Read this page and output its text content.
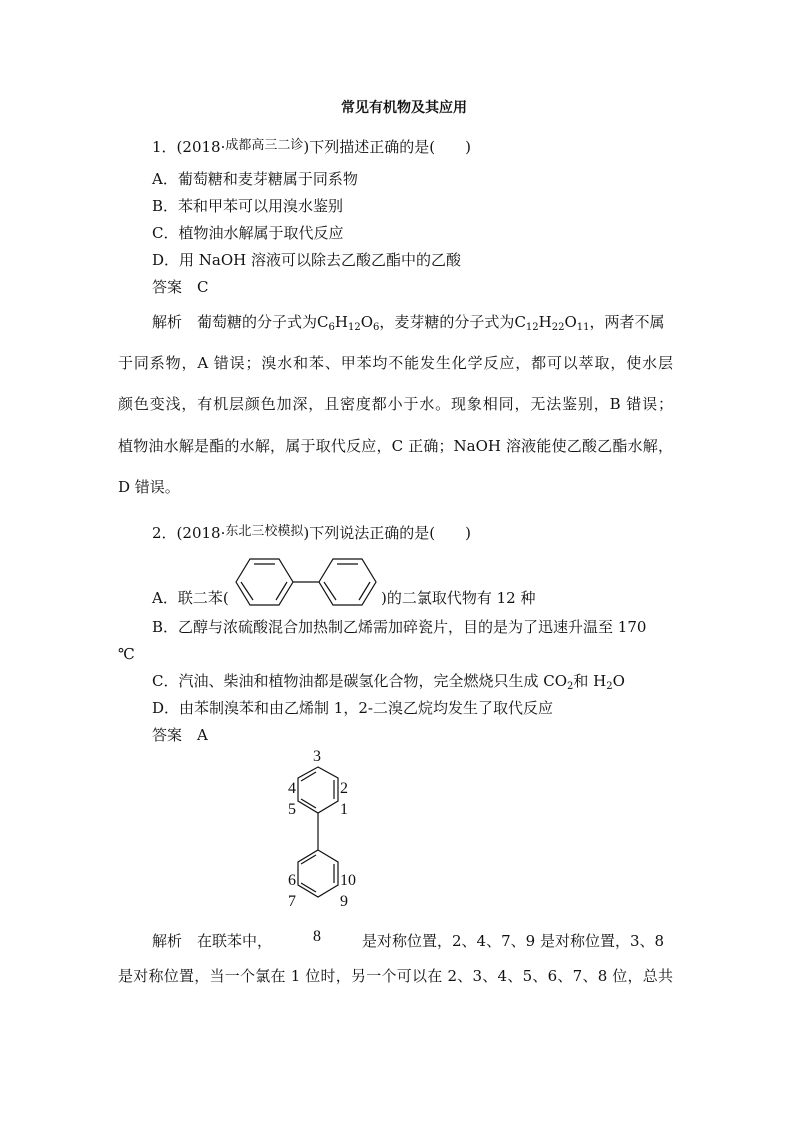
常见有机物及其应用
1．(2018·成都高三二诊)下列描述正确的是(　　)
A．葡萄糖和麦芽糖属于同系物
B．苯和甲苯可以用溴水鉴别
C．植物油水解属于取代反应
D．用 NaOH 溶液可以除去乙酸乙酯中的乙酸
答案　 C
解析　 葡萄糖的分子式为$C_6H_{12}O_6$，麦芽糖的分子式为$C_{12}H_{22}O_{11}$，两者不属
于同系物，A 错误；溴水和苯、甲苯均不能发生化学反应，都可以萃取，使水层
颜色变浅，有机层颜色加深，且密度都小于水。现象相同，无法鉴别，B 错误；
植物油水解是酯的水解，属于取代反应，C 正确；NaOH 溶液能使乙酸乙酯水解，
D 错误。
2．(2018·东北三校模拟)下列说法正确的是(　　)
A．联二苯(	)的二氯取代物有 12 种
B．乙醇与浓硫酸混合加热制乙烯需加碎瓷片，目的是为了迅速升温至 170
℃
C．汽油、柴油和植物油都是碳氢化合物，完全燃烧只生成 $CO_2$和 $H_2O$
D．由苯制溴苯和由乙烯制 1，2-二溴乙烷均发生了取代反应
答案　 A
3
2
1
4
5
6
7
10
9
8
解析　 在联苯中，	是对称位置，2、4、7、9 是对称位置，3、8
是对称位置，当一个氯在 1 位时，另一个可以在 2、3、4、5、6、7、8 位，总共
